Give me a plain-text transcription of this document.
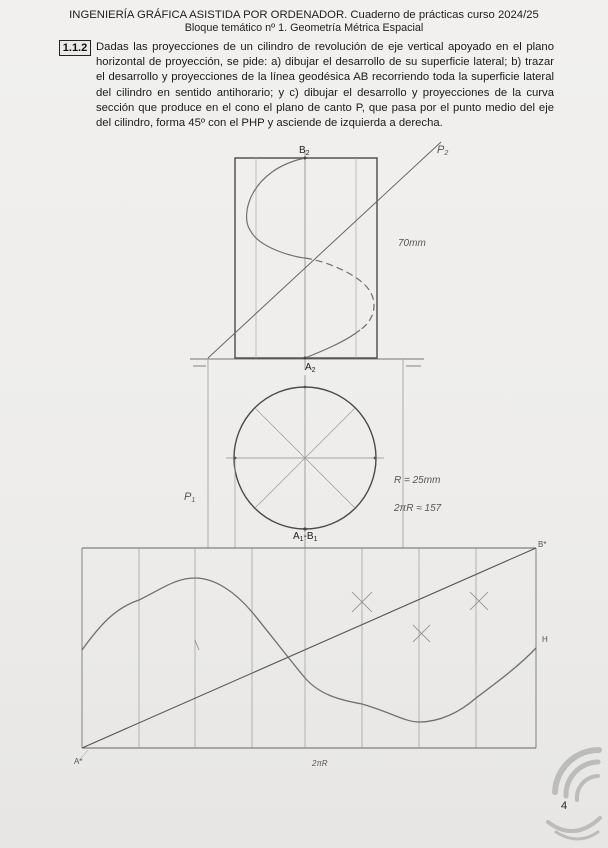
INGENIERÍA GRÁFICA ASISTIDA POR ORDENADOR. Cuaderno de prácticas curso 2024/25
Bloque temático nº 1. Geometría Métrica Espacial
1.1.2 Dadas las proyecciones de un cilindro de revolución de eje vertical apoyado en el plano horizontal de proyección, se pide: a) dibujar el desarrollo de su superficie lateral; b) trazar el desarrollo y proyecciones de la línea geodésica AB recorriendo toda la superficie lateral del cilindro en sentido antihorario; y c) dibujar el desarrollo y proyecciones de la curva sección que produce en el cono el plano de canto P, que pasa por el punto medio del eje del cilindro, forma 45º con el PHP y asciende de izquierda a derecha.
$B_2$
$A_2$
P2
P1
$A_1-B_1$
70mm
R = 25mm
2πR ≈ 157
A*
B*
H
2πR
4
